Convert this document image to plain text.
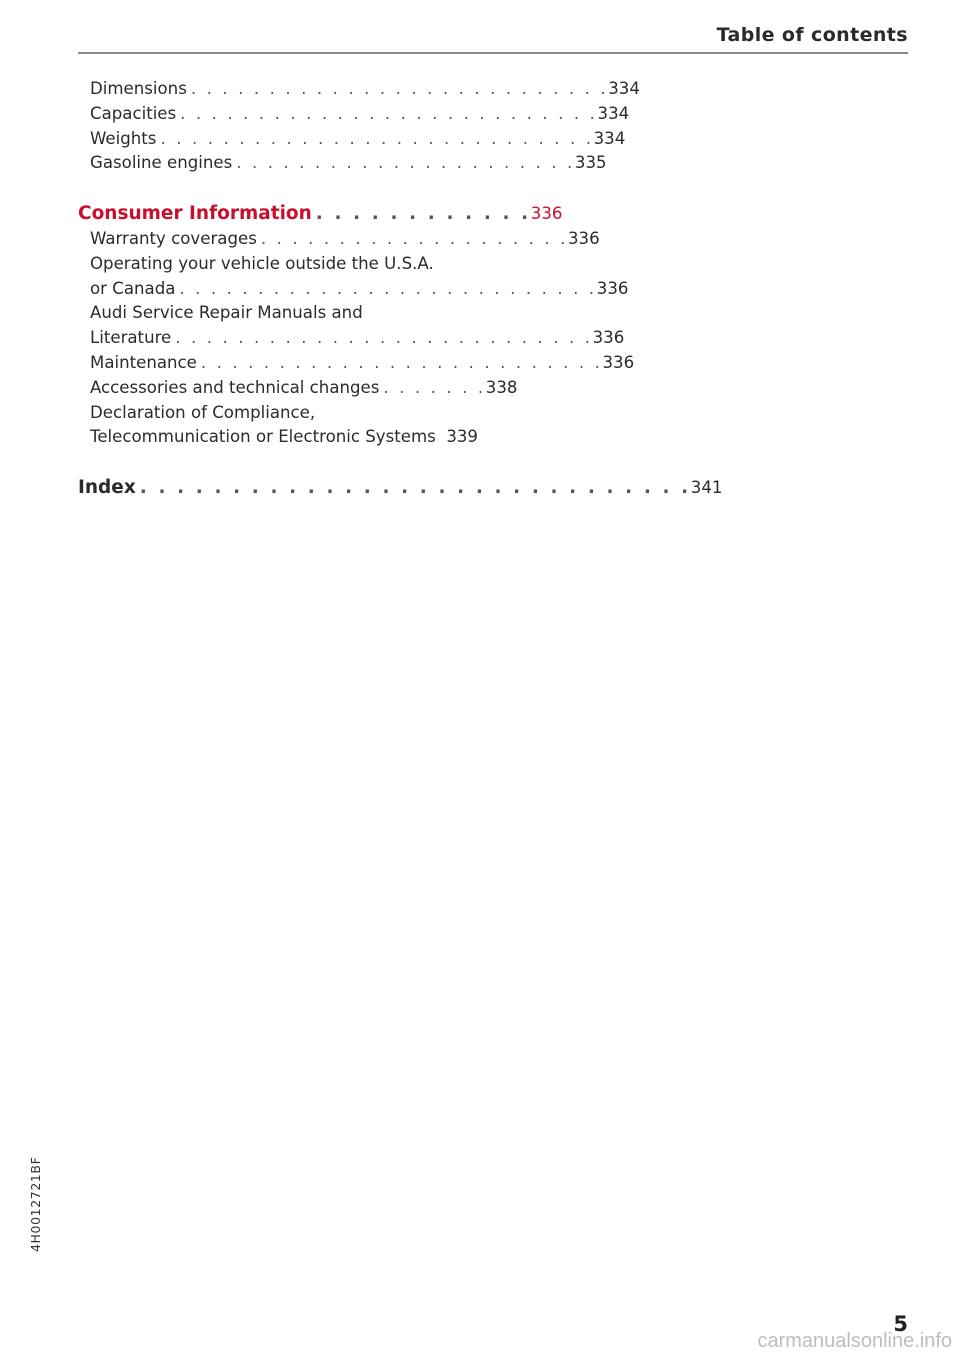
Table of contents
Dimensions . . . . . . . . . . . . . . . . . . . . . . . . . . . 334
Capacities . . . . . . . . . . . . . . . . . . . . . . . . . . . 334
Weights . . . . . . . . . . . . . . . . . . . . . . . . . . . . 334
Gasoline engines . . . . . . . . . . . . . . . . . . . . . . 335
Consumer Information . . . . . . . . . . . . 336
Warranty coverages . . . . . . . . . . . . . . . . . . . . 336
Operating your vehicle outside the U.S.A.
or Canada . . . . . . . . . . . . . . . . . . . . . . . . . . . 336
Audi Service Repair Manuals and
Literature . . . . . . . . . . . . . . . . . . . . . . . . . . . 336
Maintenance . . . . . . . . . . . . . . . . . . . . . . . . . . 336
Accessories and technical changes . . . . . . . 338
Declaration of Compliance,
Telecommunication or Electronic Systems 339
Index . . . . . . . . . . . . . . . . . . . . . . . . . . . . . . 341
4H0012721BF
5
carmanualsonline.info
